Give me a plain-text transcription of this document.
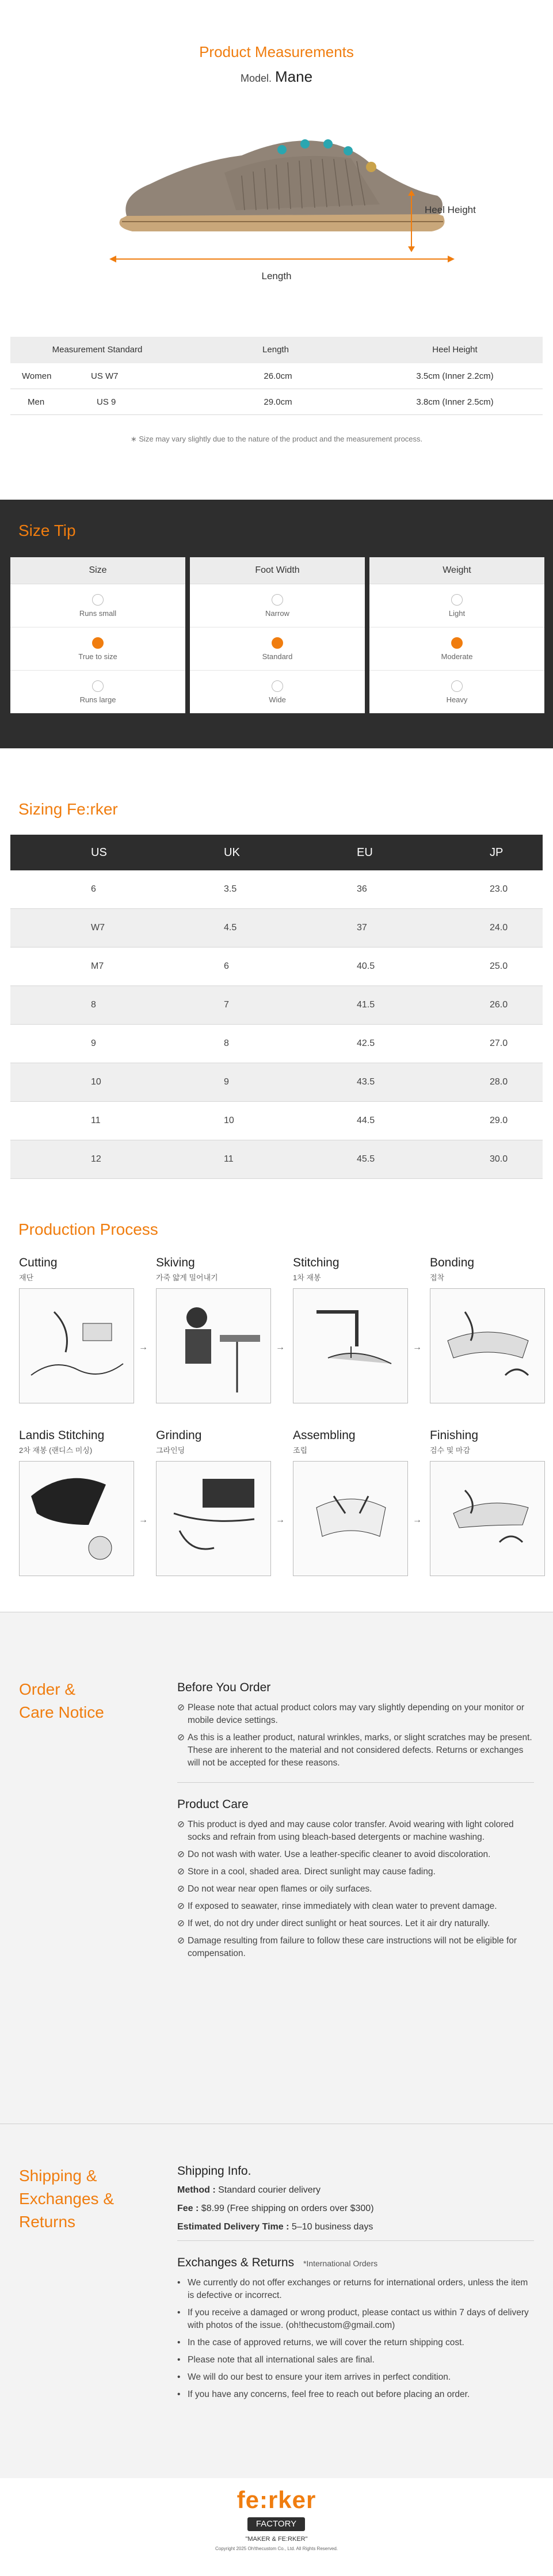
Product Measurements
Model. Mane
Heel Height
Length
Measurement Standard	Length	Heel Height
Women	US W7	26.0cm	3.5cm (Inner 2.2cm)
Men	US 9	29.0cm	3.8cm (Inner 2.5cm)
∗ Size may vary slightly due to the nature of the product and the measurement process.
Size Tip
Size
Runs small
True to size
Runs large
Foot Width
Narrow
Standard
Wide
Weight
Light
Moderate
Heavy
Sizing Fe:rker
US	UK	EU	JP
6	3.5	36	23.0
W7	4.5	37	24.0
M7	6	40.5	25.0
8	7	41.5	26.0
9	8	42.5	27.0
10	9	43.5	28.0
11	10	44.5	29.0
12	11	45.5	30.0
Production Process
Cutting
재단
→
Skiving
가죽 얇게 밀어내기
→
Stitching
1차 재봉
→
Bonding
접착
Landis Stitching
2차 재봉 (랜디스 미싱)
→
Grinding
그라인딩
→
Assembling
조립
→
Finishing
검수 및 마감
Order &
Care Notice
Before You Order
⊘ Please note that actual product colors may vary slightly depending on your monitor or mobile device settings.
⊘ As this is a leather product, natural wrinkles, marks, or slight scratches may be present. These are inherent to the material and not considered defects. Returns or exchanges will not be accepted for these reasons.
Product Care
⊘ This product is dyed and may cause color transfer. Avoid wearing with light colored socks and refrain from using bleach-based detergents or machine washing.
⊘ Do not wash with water. Use a leather-specific cleaner to avoid discoloration.
⊘ Store in a cool, shaded area. Direct sunlight may cause fading.
⊘ Do not wear near open flames or oily surfaces.
⊘ If exposed to seawater, rinse immediately with clean water to prevent damage.
⊘ If wet, do not dry under direct sunlight or heat sources. Let it air dry naturally.
⊘ Damage resulting from failure to follow these care instructions will not be eligible for compensation.
Shipping &
Exchanges &
Returns
Shipping Info.
Method : Standard courier delivery
Fee : $8.99 (Free shipping on orders over $300)
Estimated Delivery Time : 5–10 business days
Exchanges & Returns *International Orders
• We currently do not offer exchanges or returns for international orders, unless the item is defective or incorrect.
• If you receive a damaged or wrong product, please contact us within 7 days of delivery with photos of the issue. (oh!thecustom@gmail.com)
• In the case of approved returns, we will cover the return shipping cost.
• Please note that all international sales are final.
• We will do our best to ensure your item arrives in perfect condition.
• If you have any concerns, feel free to reach out before placing an order.
fe:rker
FACTORY
"MAKER & FE:RKER"
Copyright 2025 Oh!thecustom Co., Ltd. All Rights Reserved.
